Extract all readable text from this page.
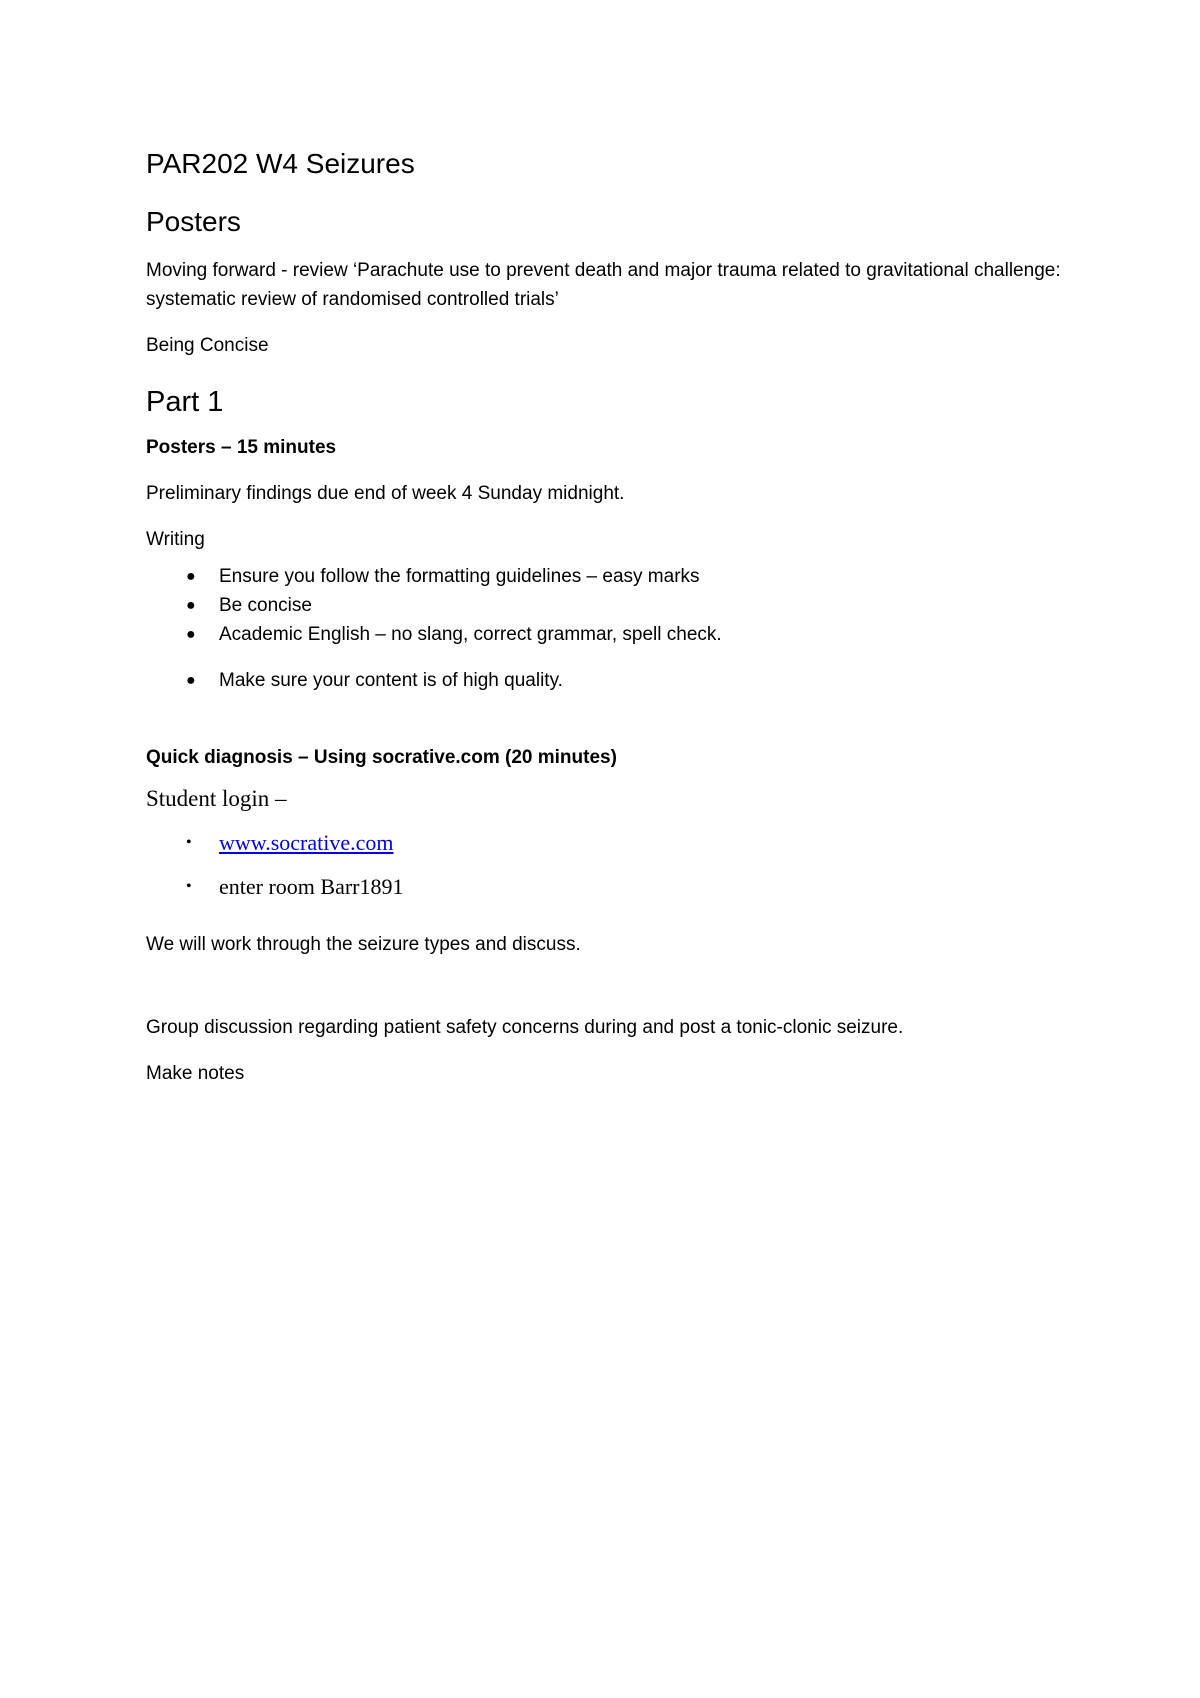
PAR202 W4 Seizures
Posters

Moving forward - review ‘Parachute use to prevent death and major trauma related to gravitational challenge: systematic review of randomised controlled trials’

Being Concise

Part 1

Posters – 15 minutes

Preliminary findings due end of week 4 Sunday midnight.

Writing

● Ensure you follow the formatting guidelines – easy marks
● Be concise
● Academic English – no slang, correct grammar, spell check.
● Make sure your content is of high quality.

Quick diagnosis – Using socrative.com (20 minutes)

Student login –
• www.socrative.com
• enter room Barr1891

We will work through the seizure types and discuss.

Group discussion regarding patient safety concerns during and post a tonic-clonic seizure.

Make notes
